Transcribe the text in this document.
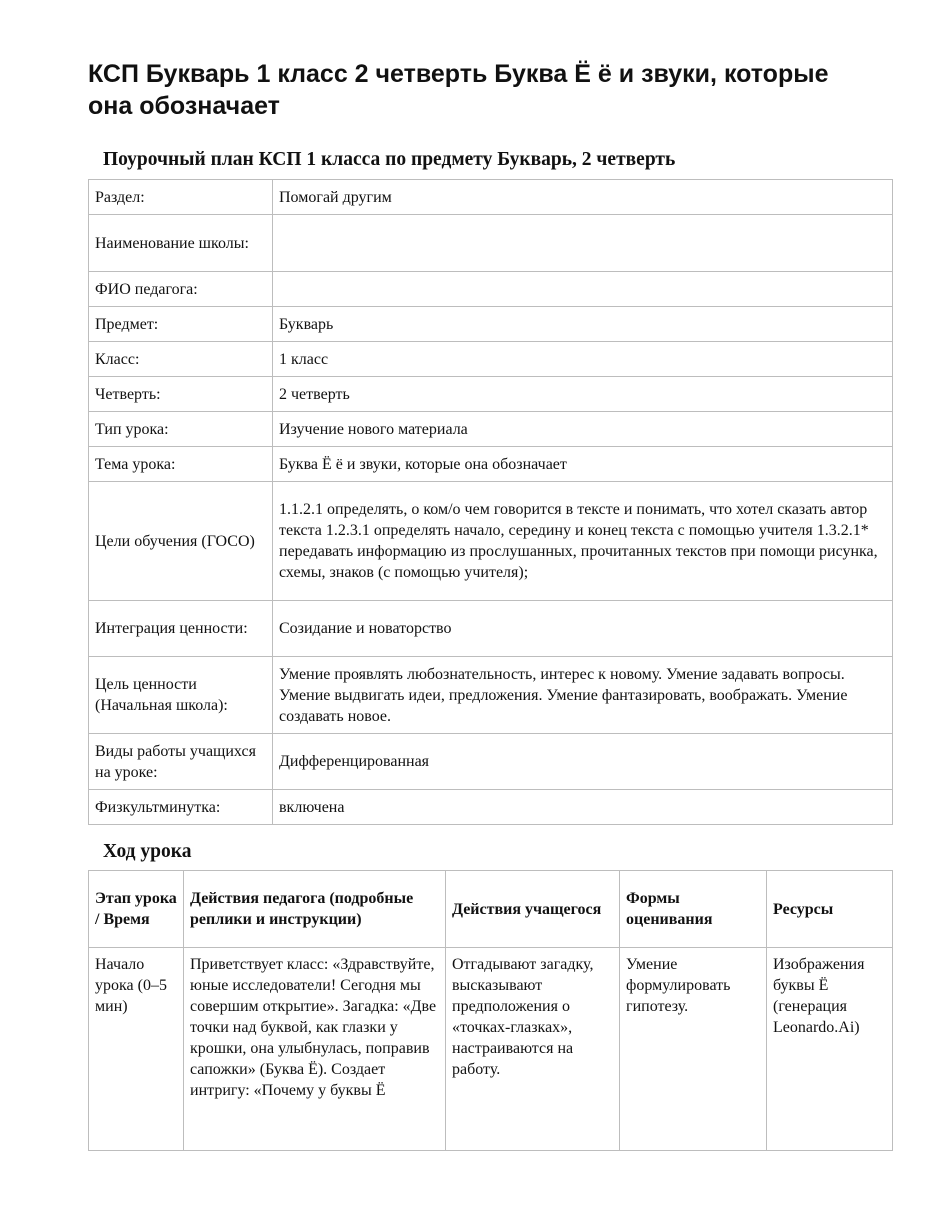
КСП Букварь 1 класс 2 четверть Буква Ё ё и звуки, которые она обозначает
Поурочный план КСП 1 класса по предмету Букварь, 2 четверть
Раздел:	Помогай другим
Наименование школы:	
ФИО педагога:	
Предмет:	Букварь
Класс:	1 класс
Четверть:	2 четверть
Тип урока:	Изучение нового материала
Тема урока:	Буква Ё ё и звуки, которые она обозначает
Цели обучения (ГОСО)	1.1.2.1 определять, о ком/о чем говорится в тексте и понимать, что хотел сказать автор текста 1.2.3.1 определять начало, середину и конец текста с помощью учителя 1.3.2.1* передавать информацию из прослушанных, прочитанных текстов при помощи рисунка, схемы, знаков (с помощью учителя);
Интеграция ценности:	Созидание и новаторство
Цель ценности (Начальная школа):	Умение проявлять любознательность, интерес к новому. Умение задавать вопросы. Умение выдвигать идеи, предложения. Умение фантазировать, воображать. Умение создавать новое.
Виды работы учащихся на уроке:	Дифференцированная
Физкультминутка:	включена
Ход урока
Этап урока / Время	Действия педагога (подробные реплики и инструкции)	Действия учащегося	Формы оценивания	Ресурсы
Начало урока (0–5 мин)	Приветствует класс: «Здравствуйте, юные исследователи! Сегодня мы совершим открытие». Загадка: «Две точки над буквой, как глазки у крошки, она улыбнулась, поправив сапожки» (Буква Ё). Создает интригу: «Почему у буквы Ё	Отгадывают загадку, высказывают предположения о «точках-глазках», настраиваются на работу.	Умение формулировать гипотезу.	Изображения буквы Ё (генерация Leonardo.Ai)
